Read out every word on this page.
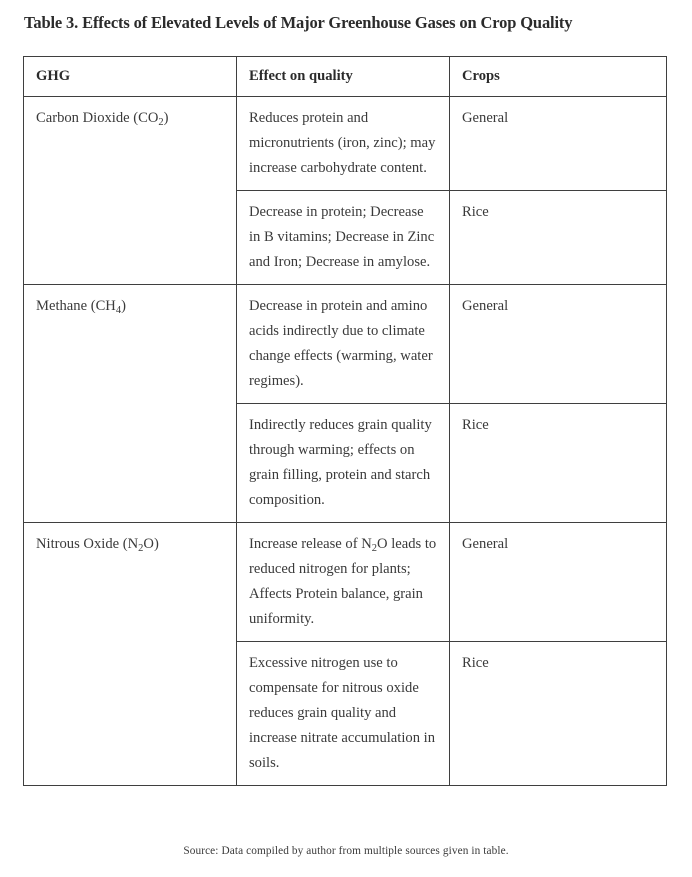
Table 3. Effects of Elevated Levels of Major Greenhouse Gases on Crop Quality
GHG	Effect on quality	Crops
Carbon Dioxide $(CO_2)$	Reduces protein and micronutrients (iron, zinc); may increase carbohydrate content.	General
	Decrease in protein; Decrease in B vitamins; Decrease in Zinc and Iron; Decrease in amylose.	Rice
Methane $(CH_4)$	Decrease in protein and amino acids indirectly due to climate change effects (warming, water regimes).	General
	Indirectly reduces grain quality through warming; effects on grain filling, protein and starch composition.	Rice
Nitrous Oxide $(N_2O)$	Increase release of $N_2O$ leads to reduced nitrogen for plants; Affects Protein balance, grain uniformity.	General
	Excessive nitrogen use to compensate for nitrous oxide reduces grain quality and increase nitrate accumulation in soils.	Rice
Source: Data compiled by author from multiple sources given in table.
